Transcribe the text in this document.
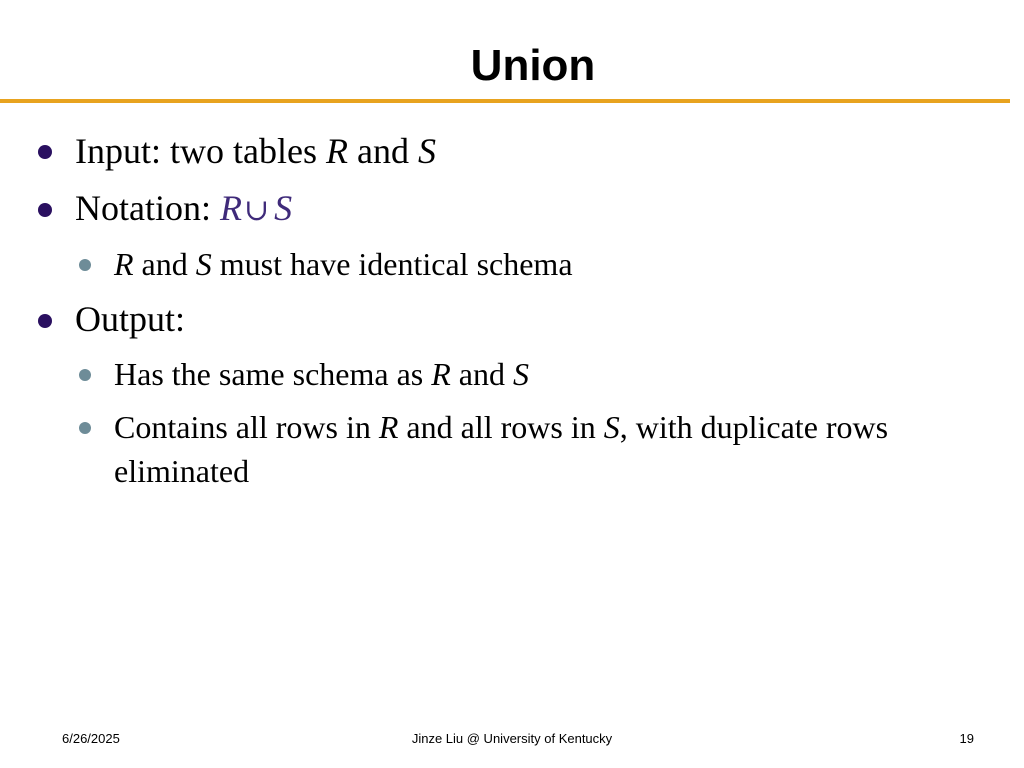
Union
Input: two tables R and S
Notation: R∪ S
R and S must have identical schema
Output:
Has the same schema as R and S
Contains all rows in R and all rows in S, with duplicate rows eliminated
6/26/2025	Jinze Liu @ University of Kentucky	19
